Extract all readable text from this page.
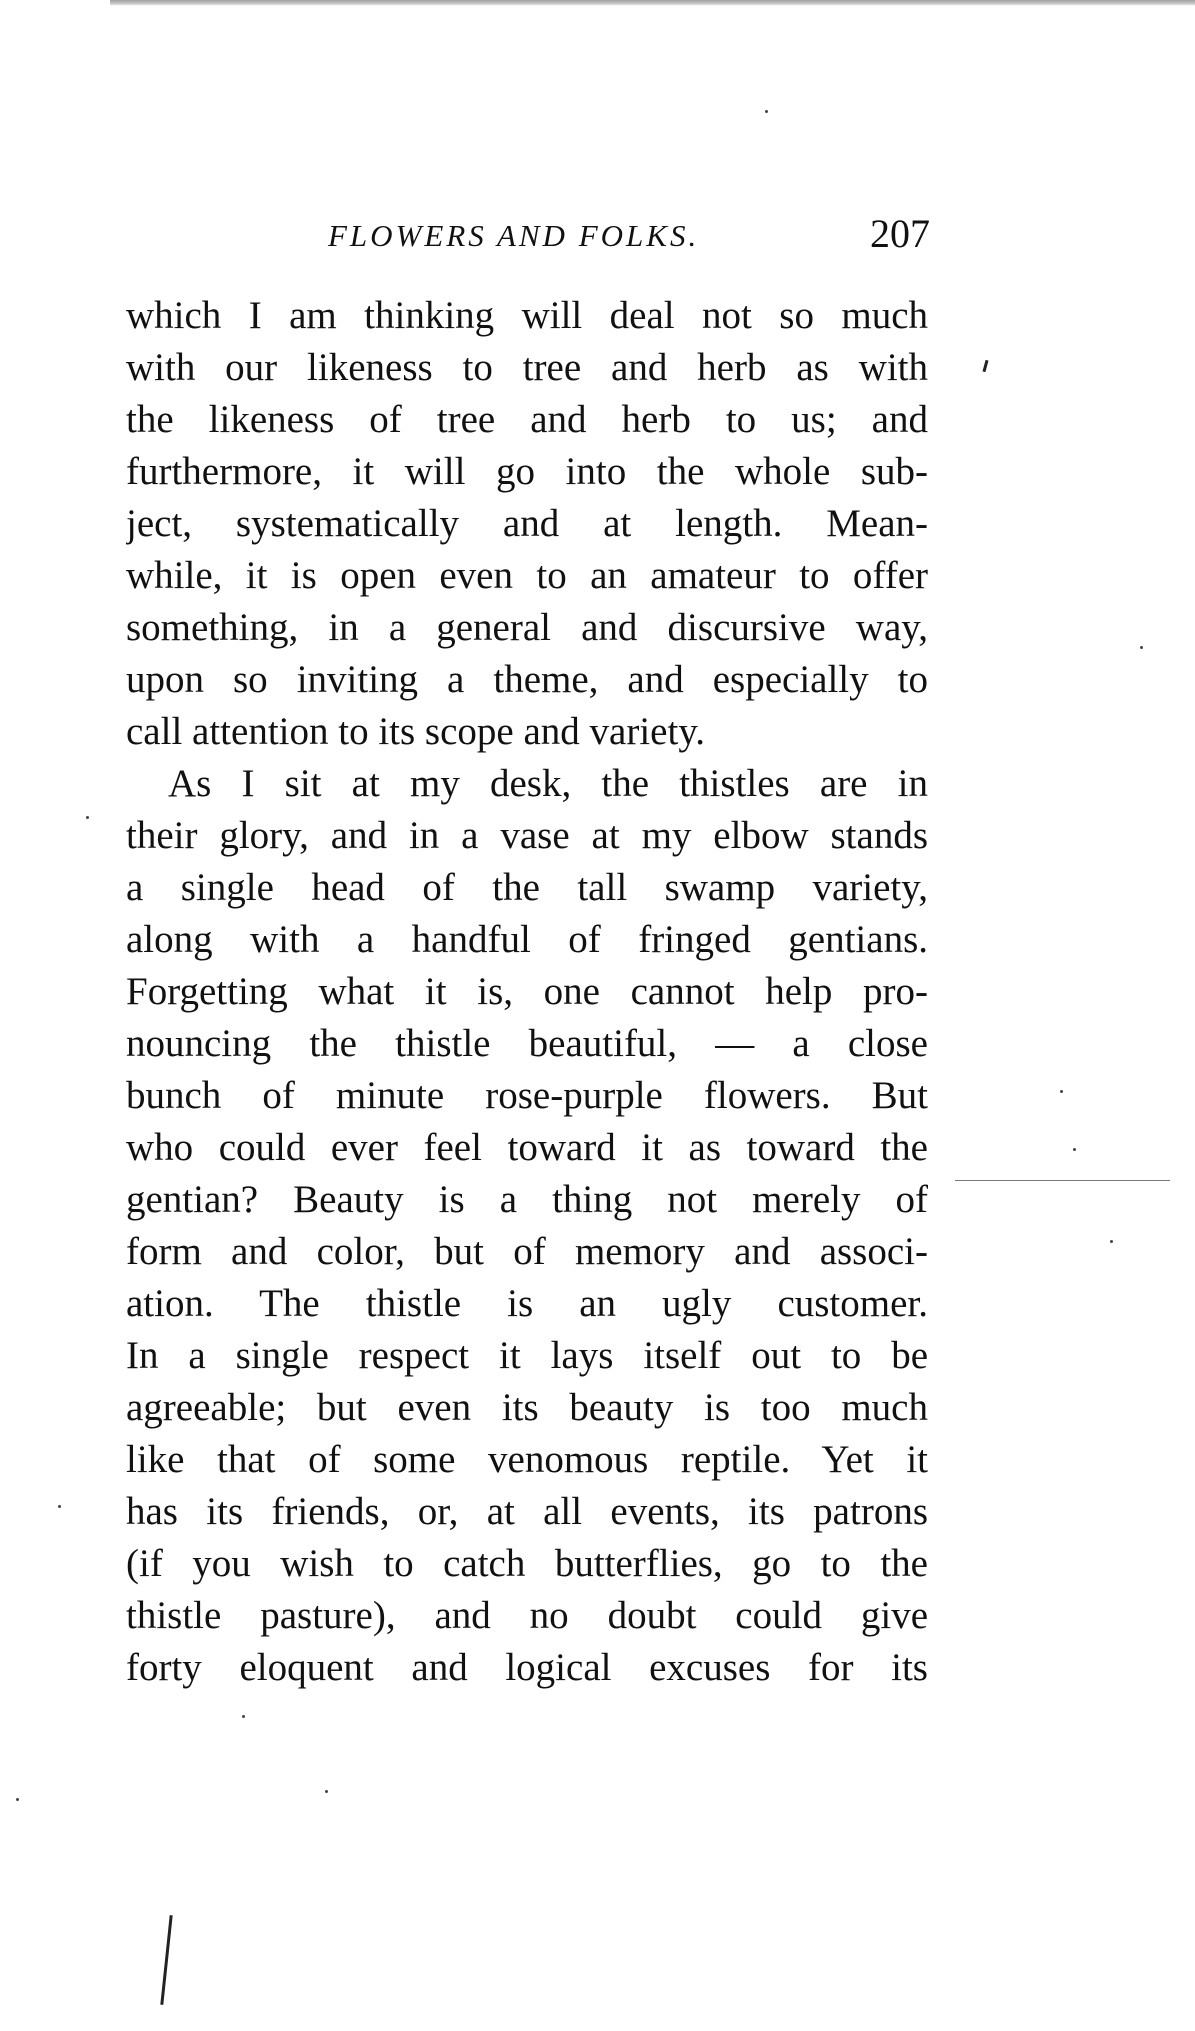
FLOWERS AND FOLKS.	207
which I am thinking will deal not so much
with our likeness to tree and herb as with
the likeness of tree and herb to us; and
furthermore, it will go into the whole sub-
ject, systematically and at length. Mean-
while, it is open even to an amateur to offer
something, in a general and discursive way,
upon so inviting a theme, and especially to
call attention to its scope and variety.
As I sit at my desk, the thistles are in
their glory, and in a vase at my elbow stands
a single head of the tall swamp variety,
along with a handful of fringed gentians.
Forgetting what it is, one cannot help pro-
nouncing the thistle beautiful, — a close
bunch of minute rose-purple flowers. But
who could ever feel toward it as toward the
gentian? Beauty is a thing not merely of
form and color, but of memory and associ-
ation. The thistle is an ugly customer.
In a single respect it lays itself out to be
agreeable; but even its beauty is too much
like that of some venomous reptile. Yet it
has its friends, or, at all events, its patrons
(if you wish to catch butterflies, go to the
thistle pasture), and no doubt could give
forty eloquent and logical excuses for its
